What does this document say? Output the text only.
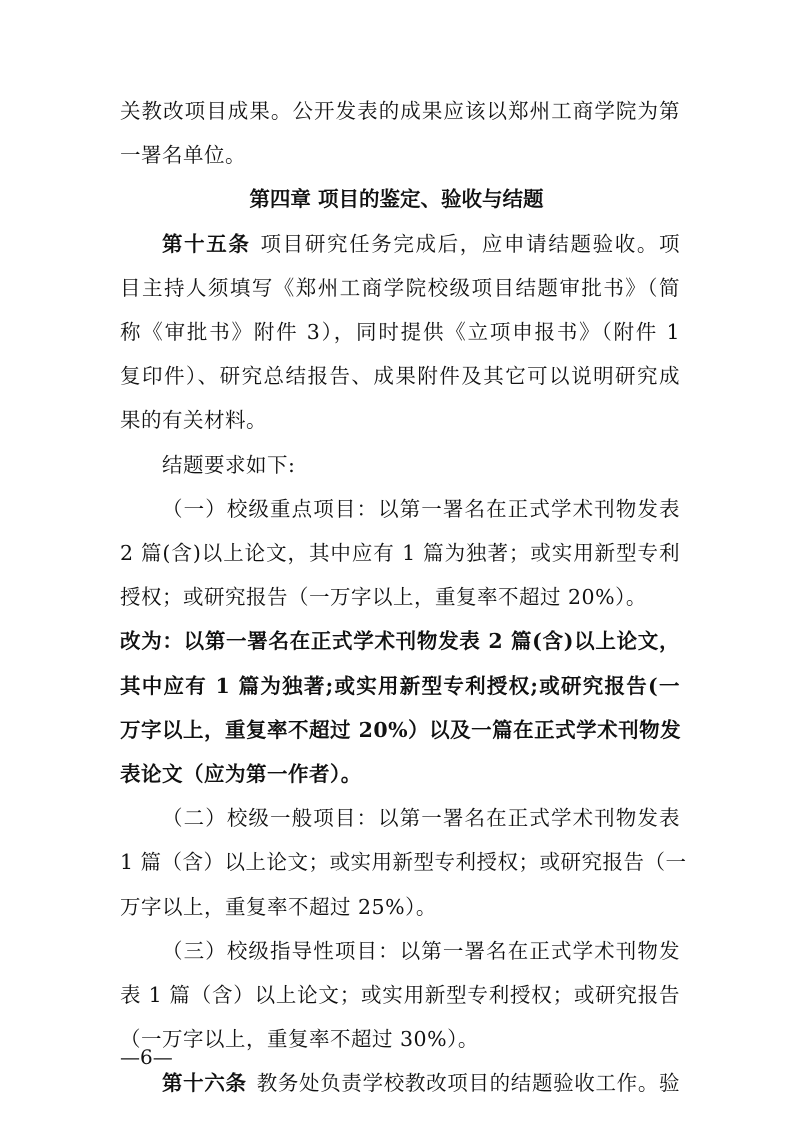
关教改项目成果。公开发表的成果应该以郑州工商学院为第
一署名单位。
第四章 项目的鉴定、验收与结题
第十五条 项目研究任务完成后，应申请结题验收。项
目主持人须填写《郑州工商学院校级项目结题审批书》（简
称《审批书》附件 3），同时提供《立项申报书》（附件 1
复印件）、研究总结报告、成果附件及其它可以说明研究成
果的有关材料。
结题要求如下:
（一）校级重点项目：以第一署名在正式学术刊物发表
2 篇(含)以上论文，其中应有 1 篇为独著；或实用新型专利
授权；或研究报告（一万字以上，重复率不超过 20%）。
改为：以第一署名在正式学术刊物发表 2 篇(含)以上论文，
其中应有 1 篇为独著;或实用新型专利授权;或研究报告(一
万字以上，重复率不超过 20%）以及一篇在正式学术刊物发
表论文（应为第一作者）。
（二）校级一般项目：以第一署名在正式学术刊物发表
1 篇（含）以上论文；或实用新型专利授权；或研究报告（一
万字以上，重复率不超过 25%）。
（三）校级指导性项目：以第一署名在正式学术刊物发
—6—
表 1 篇（含）以上论文；或实用新型专利授权；或研究报告
（一万字以上，重复率不超过 30%）。
第十六条 教务处负责学校教改项目的结题验收工作。验
